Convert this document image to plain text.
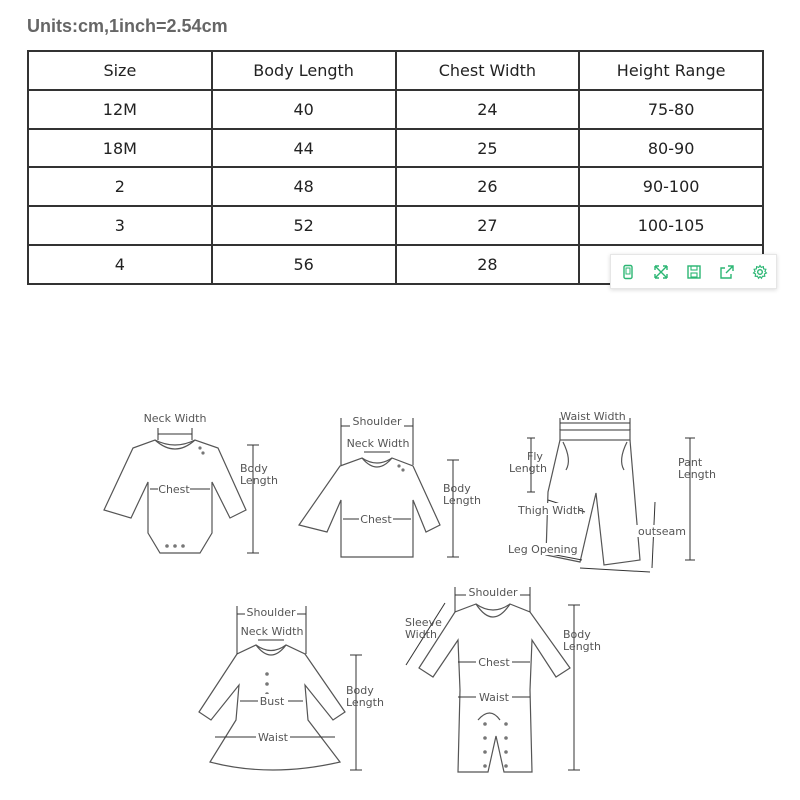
Units:cm,1inch=2.54cm
Size	Body Length	Chest Width	Height Range
12M	40	24	75-80
18M	44	25	80-90
2	48	26	90-100
3	52	27	100-105
4	56	28	
Neck Width
Chest
Body Length
Shoulder
Neck Width
Chest
Body Length
Waist Width
Fly Length	Pant Length
Thigh Width
outseam
Leg Opening
Shoulder
Neck Width
Bust
Waist
Body Length
Shoulder
Sleeve Width
Chest
Waist
Body Length
